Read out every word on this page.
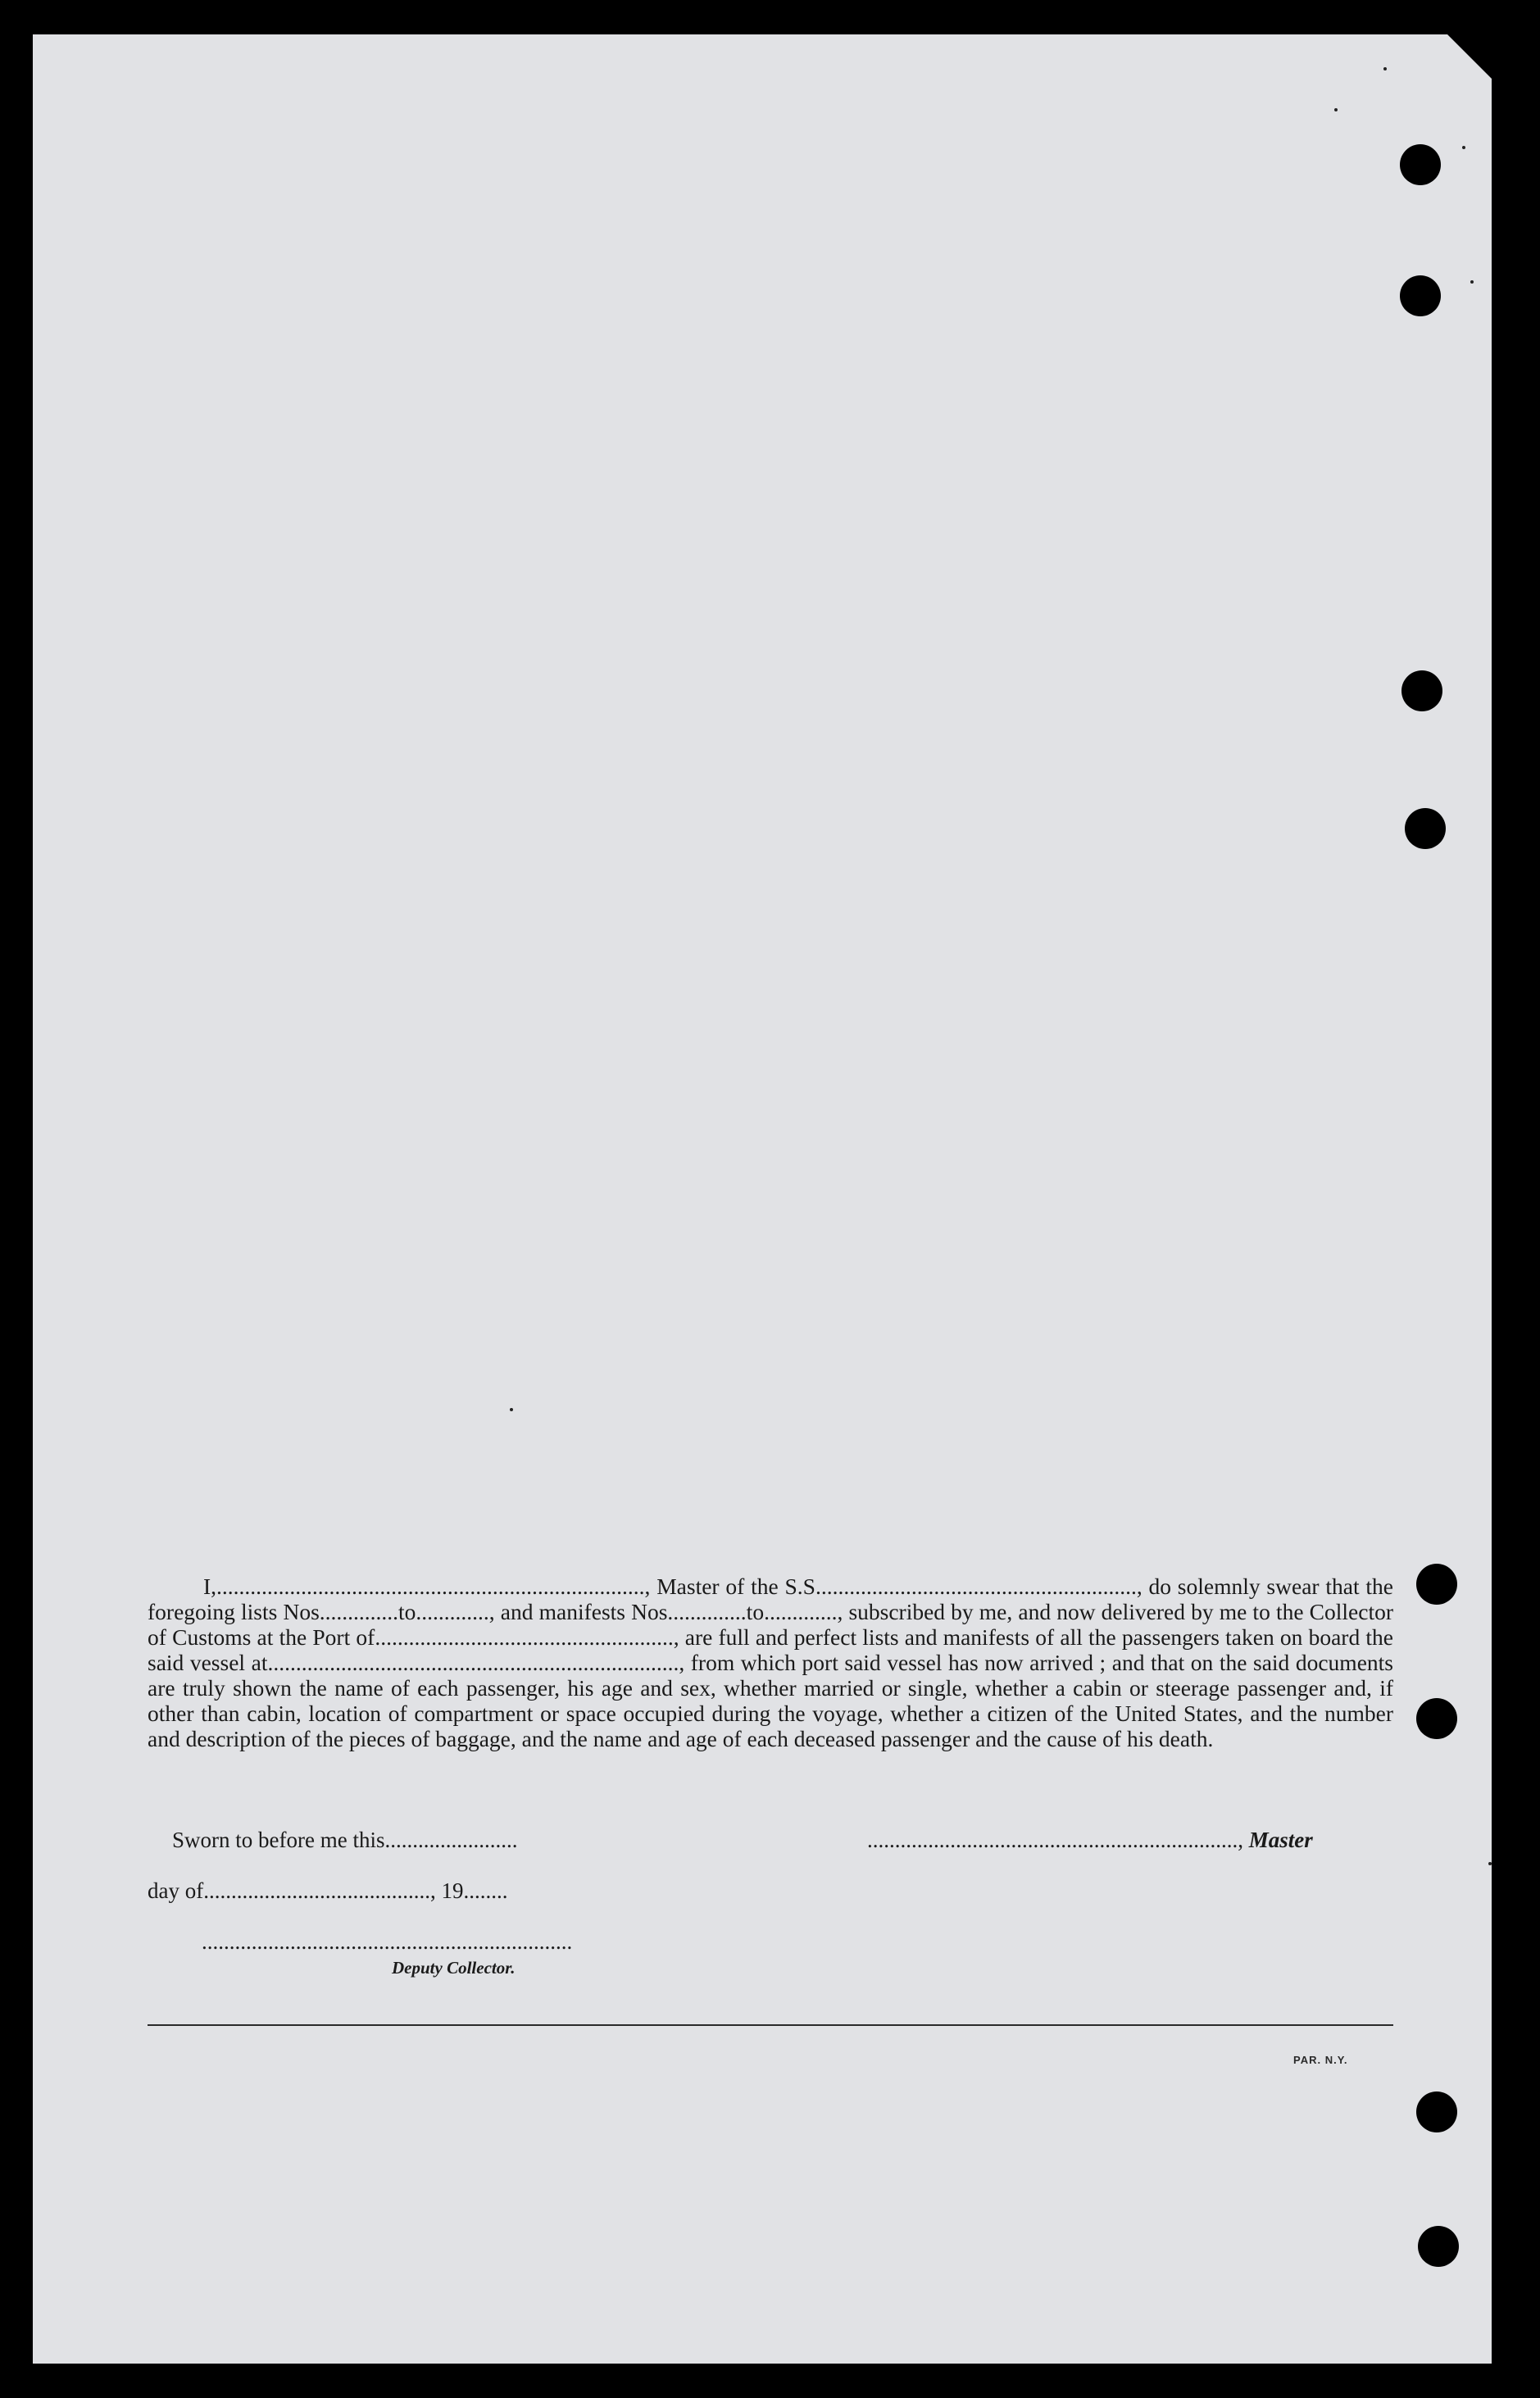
I,............................................................................, Master of the S.S........................................................., do solemnly swear that the foregoing lists Nos..............to............., and manifests Nos..............to............., subscribed by me, and now delivered by me to the Collector of Customs at the Port of....................................................., are full and perfect lists and manifests of all the passengers taken on board the said vessel at........................................................................., from which port said vessel has now arrived ; and that on the said documents are truly shown the name of each passenger, his age and sex, whether married or single, whether a cabin or steerage passenger and, if other than cabin, location of compartment or space occupied during the voyage, whether a citizen of the United States, and the number and description of the pieces of baggage, and the name and age of each deceased passenger and the cause of his death.

Sworn to before me this........................	..................................................................., Master
day of........................................., 19........
...................................................................
Deputy Collector.
PAR. N.Y.
